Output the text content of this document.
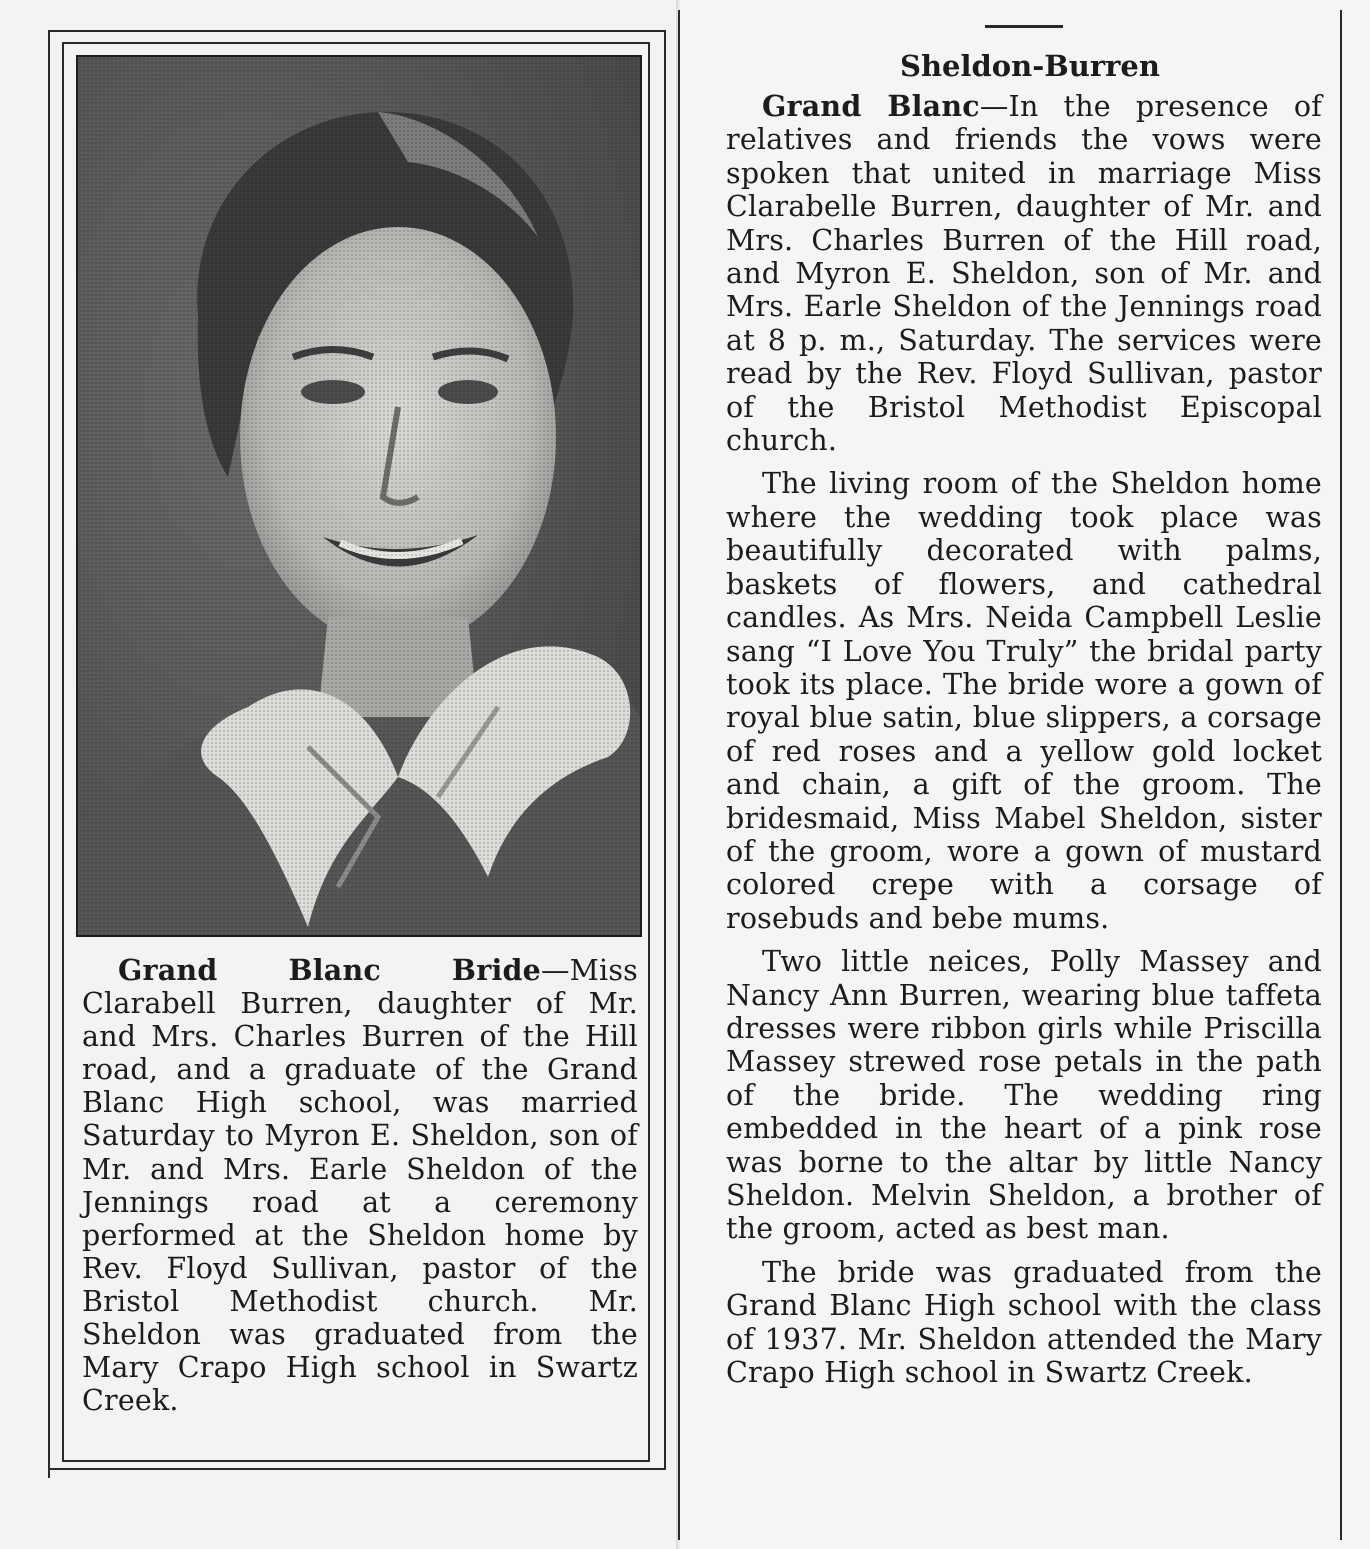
Grand Blanc Bride—Miss Clarabell Burren, daughter of Mr. and Mrs. Charles Burren of the Hill road, and a graduate of the Grand Blanc High school, was married Saturday to Myron E. Sheldon, son of Mr. and Mrs. Earle Sheldon of the Jennings road at a ceremony performed at the Sheldon home by Rev. Floyd Sullivan, pastor of the Bristol Methodist church. Mr. Sheldon was graduated from the Mary Crapo High school in Swartz Creek.
Sheldon-Burren

Grand Blanc—In the presence of relatives and friends the vows were spoken that united in marriage Miss Clarabelle Burren, daughter of Mr. and Mrs. Charles Burren of the Hill road, and Myron E. Sheldon, son of Mr. and Mrs. Earle Sheldon of the Jennings road at 8 p. m., Saturday. The services were read by the Rev. Floyd Sullivan, pastor of the Bristol Methodist Episcopal church.

The living room of the Sheldon home where the wedding took place was beautifully decorated with palms, baskets of flowers, and cathedral candles. As Mrs. Neida Campbell Leslie sang “I Love You Truly” the bridal party took its place. The bride wore a gown of royal blue satin, blue slippers, a corsage of red roses and a yellow gold locket and chain, a gift of the groom. The bridesmaid, Miss Mabel Sheldon, sister of the groom, wore a gown of mustard colored crepe with a corsage of rosebuds and bebe mums.

Two little neices, Polly Massey and Nancy Ann Burren, wearing blue taffeta dresses were ribbon girls while Priscilla Massey strewed rose petals in the path of the bride. The wedding ring embedded in the heart of a pink rose was borne to the altar by little Nancy Sheldon. Melvin Sheldon, a brother of the groom, acted as best man.

The bride was graduated from the Grand Blanc High school with the class of 1937. Mr. Sheldon attended the Mary Crapo High school in Swartz Creek.
